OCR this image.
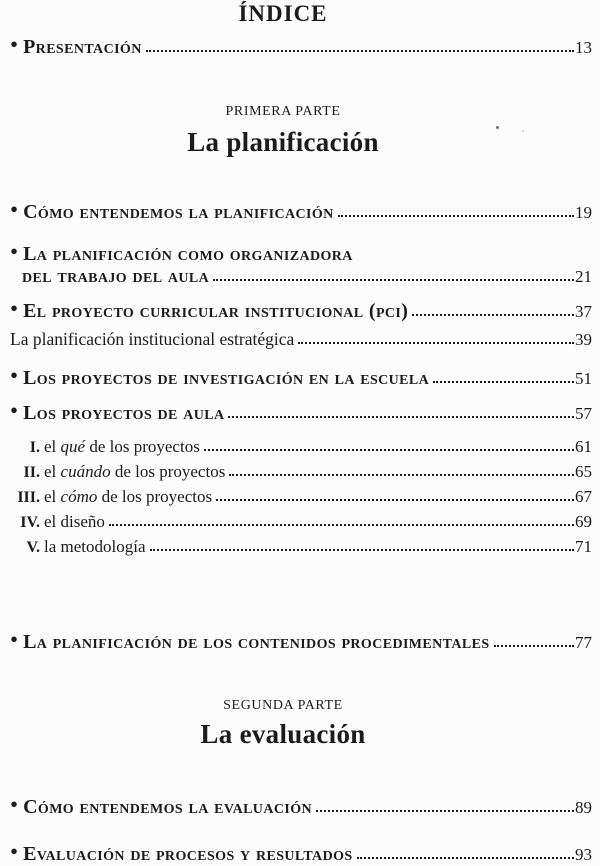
ÍNDICE
• Presentación	13
PRIMERA PARTE
La planificación
• Cómo entendemos la planificación	19
• La planificación como organizadora
del trabajo del aula	21
• El proyecto curricular institucional (pci)	37
La planificación institucional estratégica	39
• Los proyectos de investigación en la escuela	51
• Los proyectos de aula	57
I. el qué de los proyectos	61
II. el cuándo de los proyectos	65
III. el cómo de los proyectos	67
IV. el diseño	69
V. la metodología	71
• La planificación de los contenidos procedimentales	77
SEGUNDA PARTE
La evaluación
• Cómo entendemos la evaluación	89
• Evaluación de procesos y resultados	93
